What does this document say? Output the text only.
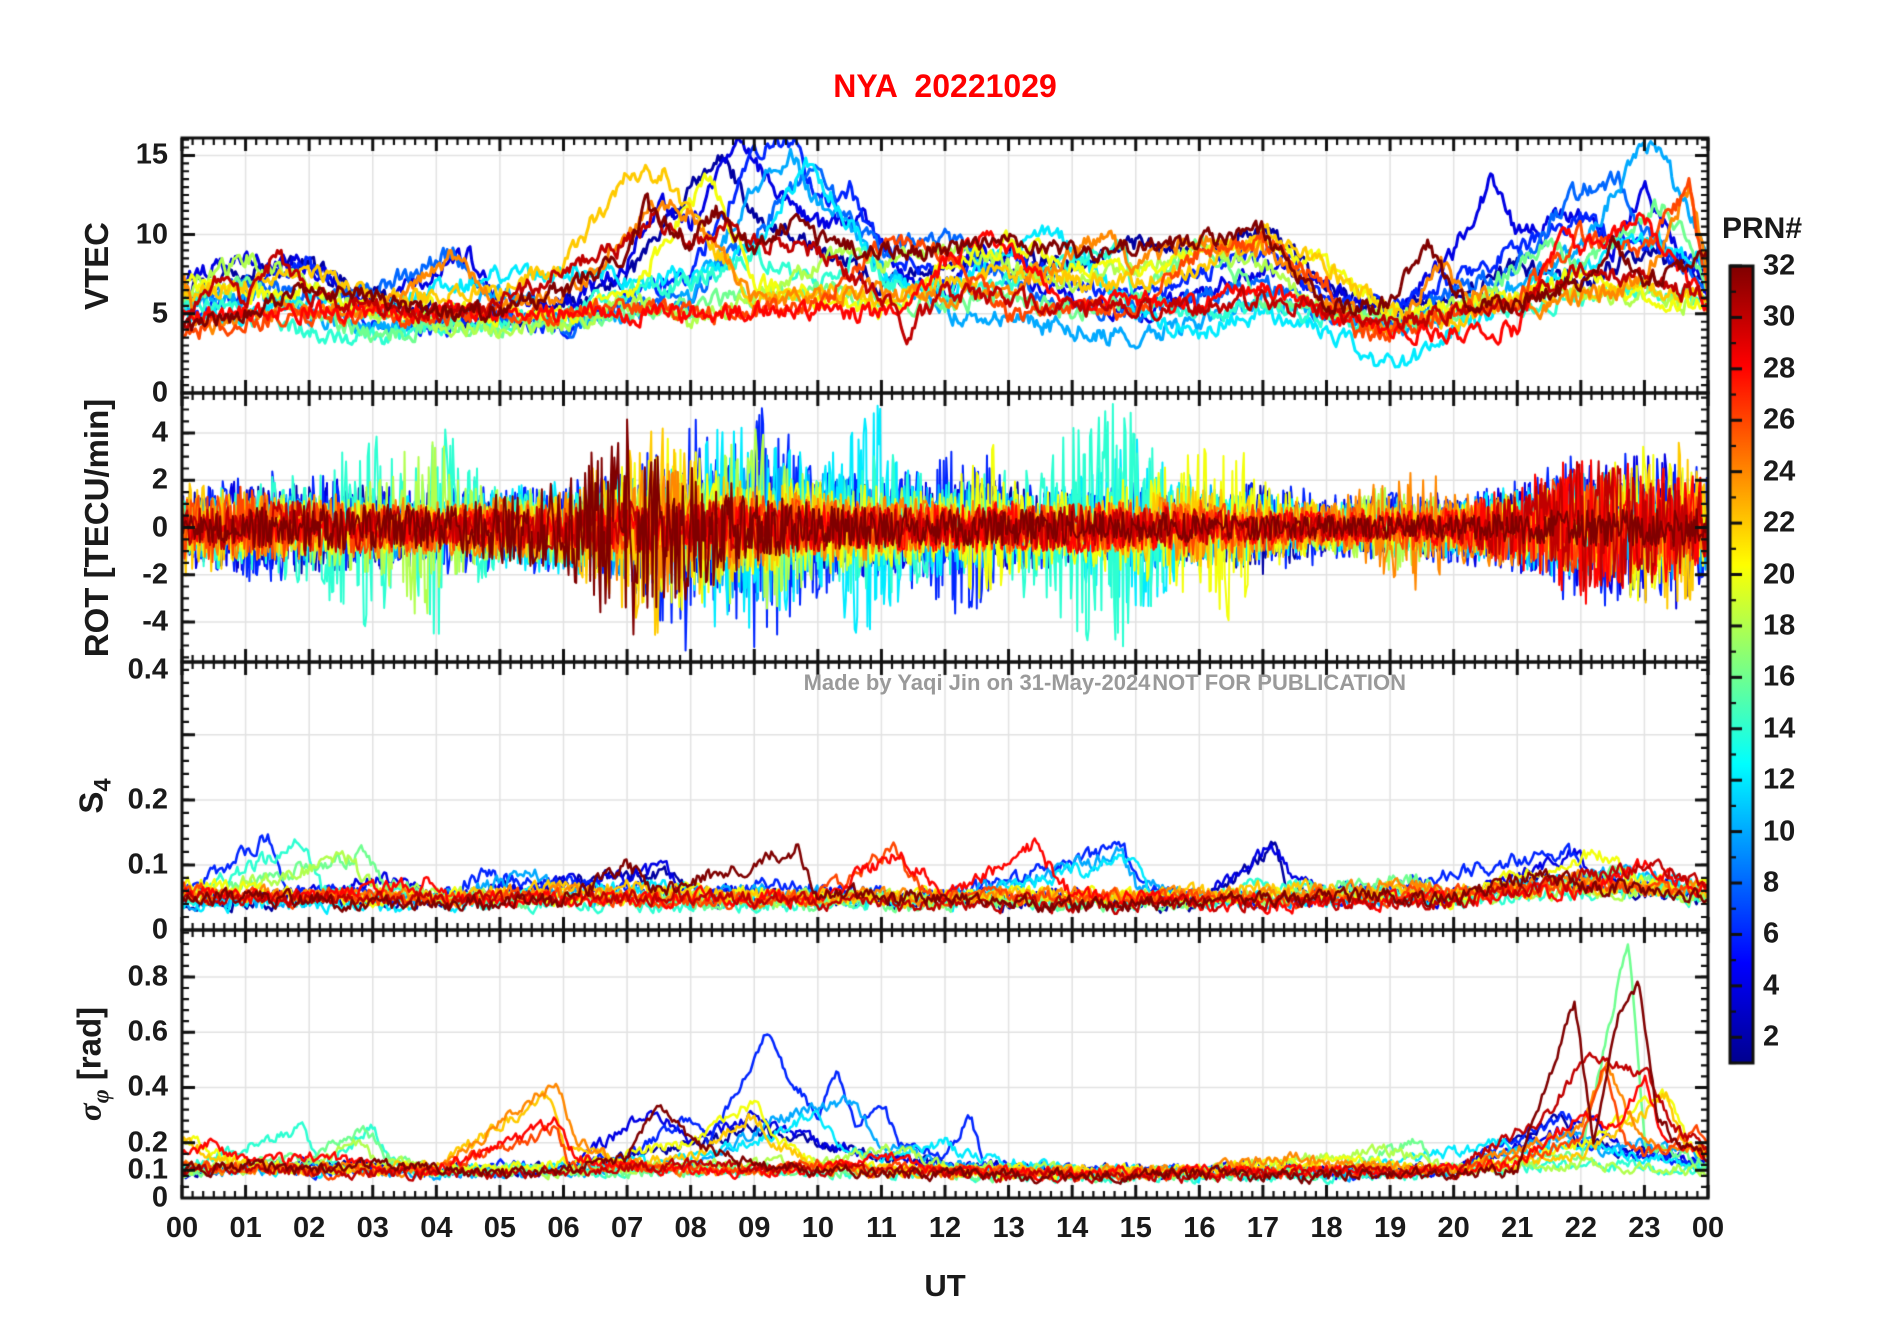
NYA  20221029
VTEC
ROT [TECU/min]
$S_4$
$\sigma_\varphi$ [rad]
UT
Made by Yaqi Jin on 31-May-2024 NOT FOR PUBLICATION
PRN#
0
5
10
15
-4
-2
0
2
4
0
0.1
0.2
0.4
0
0.1
0.2
0.4
0.6
0.8
00 01 02 03 04 05 06 07 08 09 10 11 12 13 14 15 16 17 18 19 20 21 22 23 00
2
4
6
8
10
12
14
16
18
20
22
24
26
28
30
32
